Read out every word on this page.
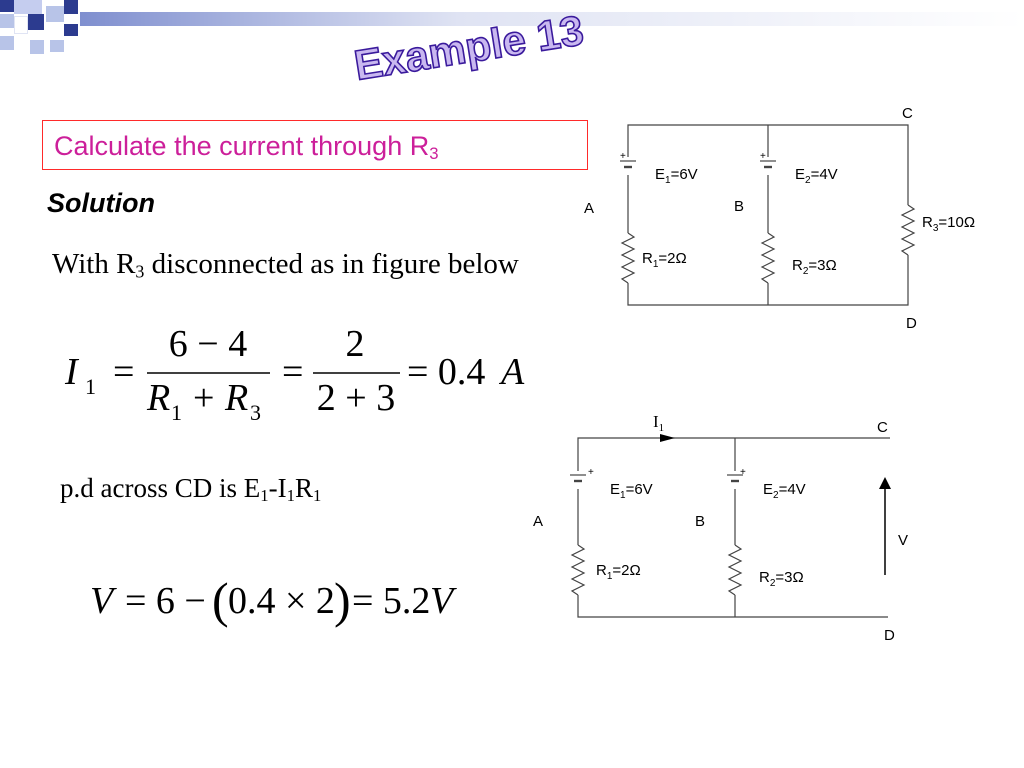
Example 13
Calculate the current through $R_3$
Solution
With $R_3$ disconnected as in figure below
I 1 =
6 − 4
R 1 + R 3
=
2
2 + 3
= 0.4 A
p.d across CD is $E_1-I_1R_1$
V = 6 − ( 0.4 × 2 ) = 5.2 V
+	+
C
D
A	B
$E_1=6V$	$E_2=4V$
$R_1=2\Omega$	$R_2=3\Omega$
$R_3=10\Omega$
$I_1$
V
+	+
C
D
A	B
$E_1=6V$	$E_2=4V$
$R_1=2\Omega$	$R_2=3\Omega$
